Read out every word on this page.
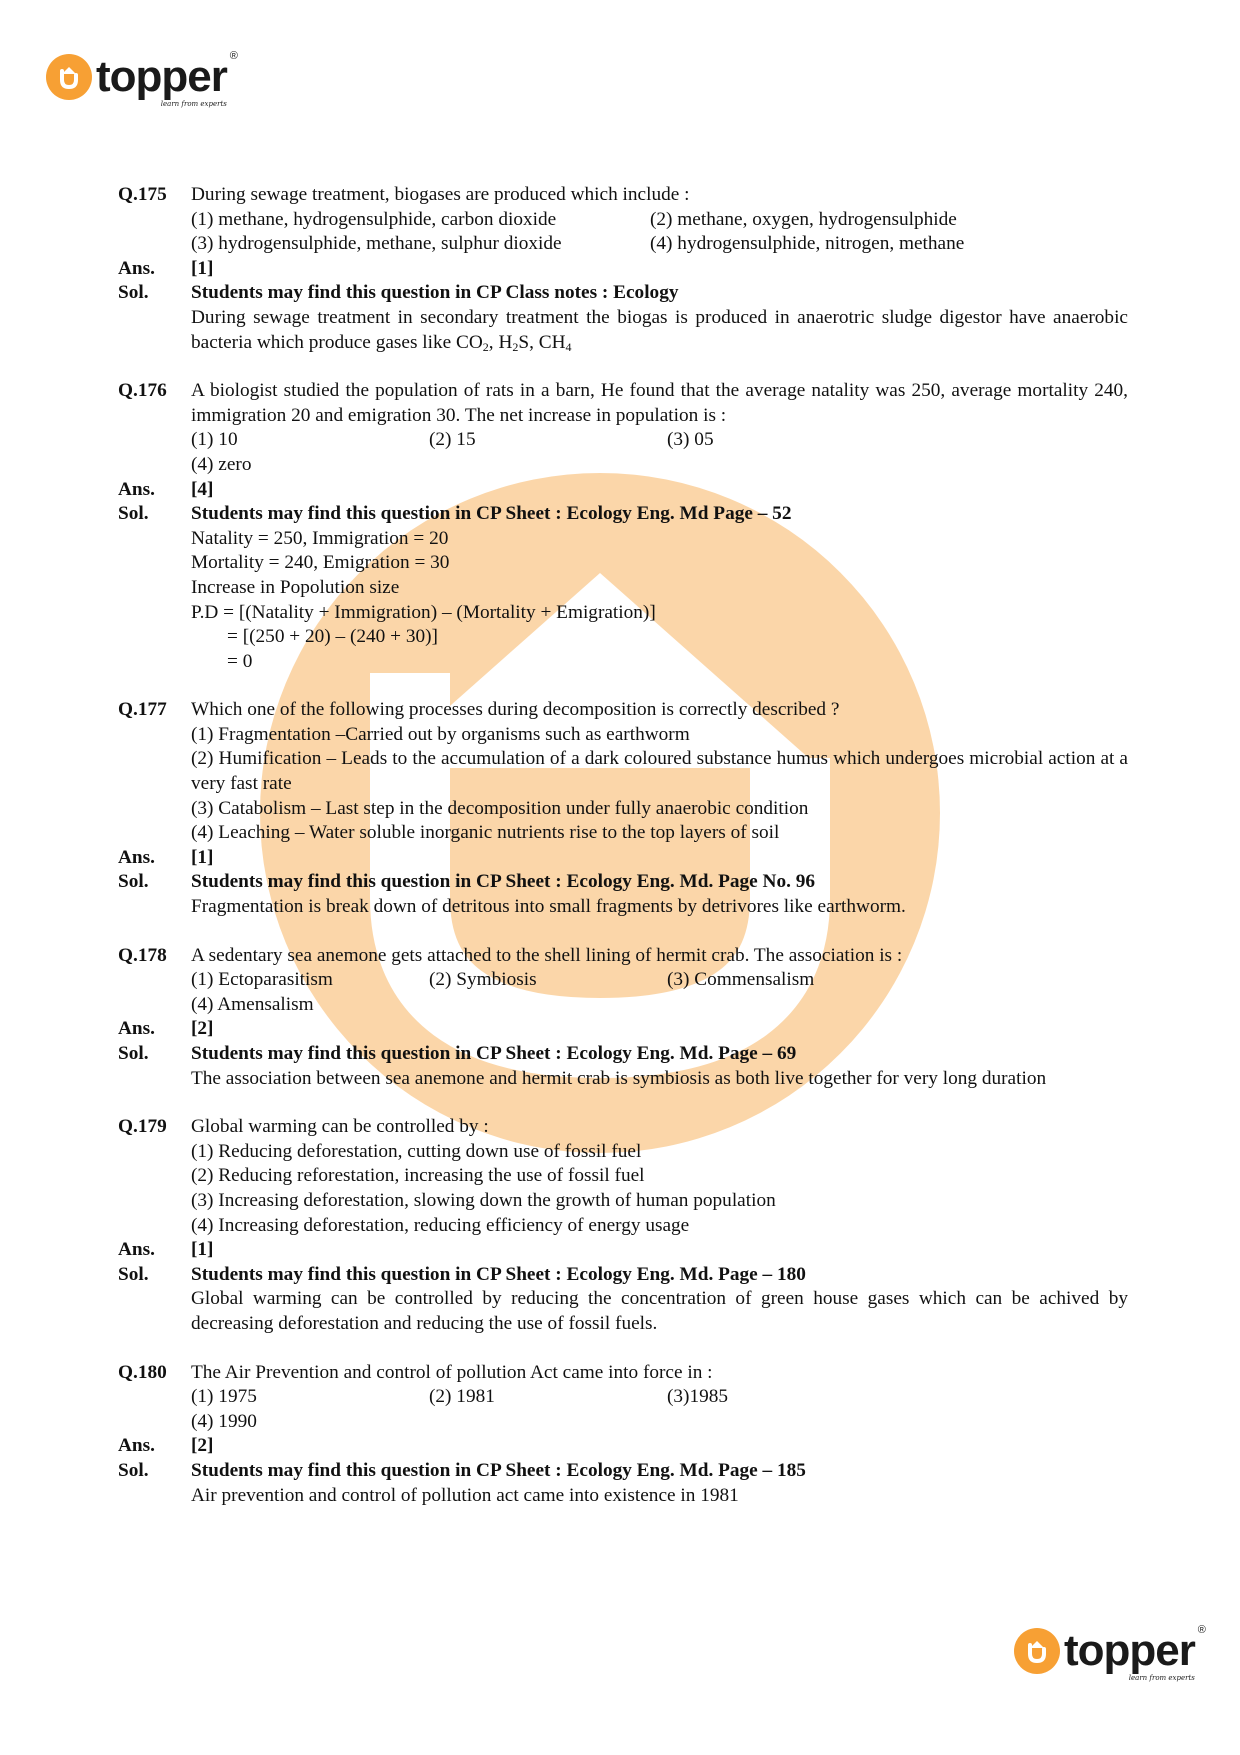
topper ®
learn from experts
Q.175	During sewage treatment, biogases are produced which include :
(1) methane, hydrogensulphide, carbon dioxide	(2) methane, oxygen, hydrogensulphide
(3) hydrogensulphide, methane, sulphur dioxide	(4) hydrogensulphide, nitrogen, methane
Ans.	[1]
Sol.	Students may find this question in CP Class notes : Ecology
During sewage treatment in secondary treatment the biogas is produced in anaerotric sludge digestor have anaerobic bacteria which produce gases like $CO_2$, $H_2S$, $CH_4$
Q.176	A biologist studied the population of rats in a barn, He found that the average natality was 250, average mortality 240, immigration 20 and emigration 30. The net increase in population is :
(1) 10	(2) 15	(3) 05
(4) zero
Ans.	[4]
Sol.	Students may find this question in CP Sheet : Ecology Eng. Md Page – 52
Natality = 250, Immigration = 20
Mortality = 240, Emigration = 30
Increase in Popolution size
P.D = [(Natality + Immigration) – (Mortality + Emigration)]
= [(250 + 20) – (240 + 30)]
= 0
Q.177	Which one of the following processes during decomposition is correctly described ?
(1) Fragmentation –Carried out by organisms such as earthworm
(2) Humification – Leads to the accumulation of a dark coloured substance humus which undergoes microbial action at a very fast rate
(3) Catabolism – Last step in the decomposition under fully anaerobic condition
(4) Leaching – Water soluble inorganic nutrients rise to the top layers of soil
Ans.	[1]
Sol.	Students may find this question in CP Sheet : Ecology Eng. Md. Page No. 96
Fragmentation is break down of detritous into small fragments by detrivores like earthworm.
Q.178	A sedentary sea anemone gets attached to the shell lining of hermit crab. The association is :
(1) Ectoparasitism	(2) Symbiosis	(3) Commensalism
(4) Amensalism
Ans.	[2]
Sol.	Students may find this question in CP Sheet : Ecology Eng. Md. Page – 69
The association between sea anemone and hermit crab is symbiosis as both live together for very long duration
Q.179	Global warming can be controlled by :
(1) Reducing deforestation, cutting down use of fossil fuel
(2) Reducing reforestation, increasing the use of fossil fuel
(3) Increasing deforestation, slowing down the growth of human population
(4) Increasing deforestation, reducing efficiency of energy usage
Ans.	[1]
Sol.	Students may find this question in CP Sheet : Ecology Eng. Md. Page – 180
Global warming can be controlled by reducing the concentration of green house gases which can be achived by decreasing deforestation and reducing the use of fossil fuels.
Q.180	The Air Prevention and control of pollution Act came into force in :
(1) 1975	(2) 1981	(3)1985
(4) 1990
Ans.	[2]
Sol.	Students may find this question in CP Sheet : Ecology Eng. Md. Page – 185
Air prevention and control of pollution act came into existence in 1981
topper ®
learn from experts
